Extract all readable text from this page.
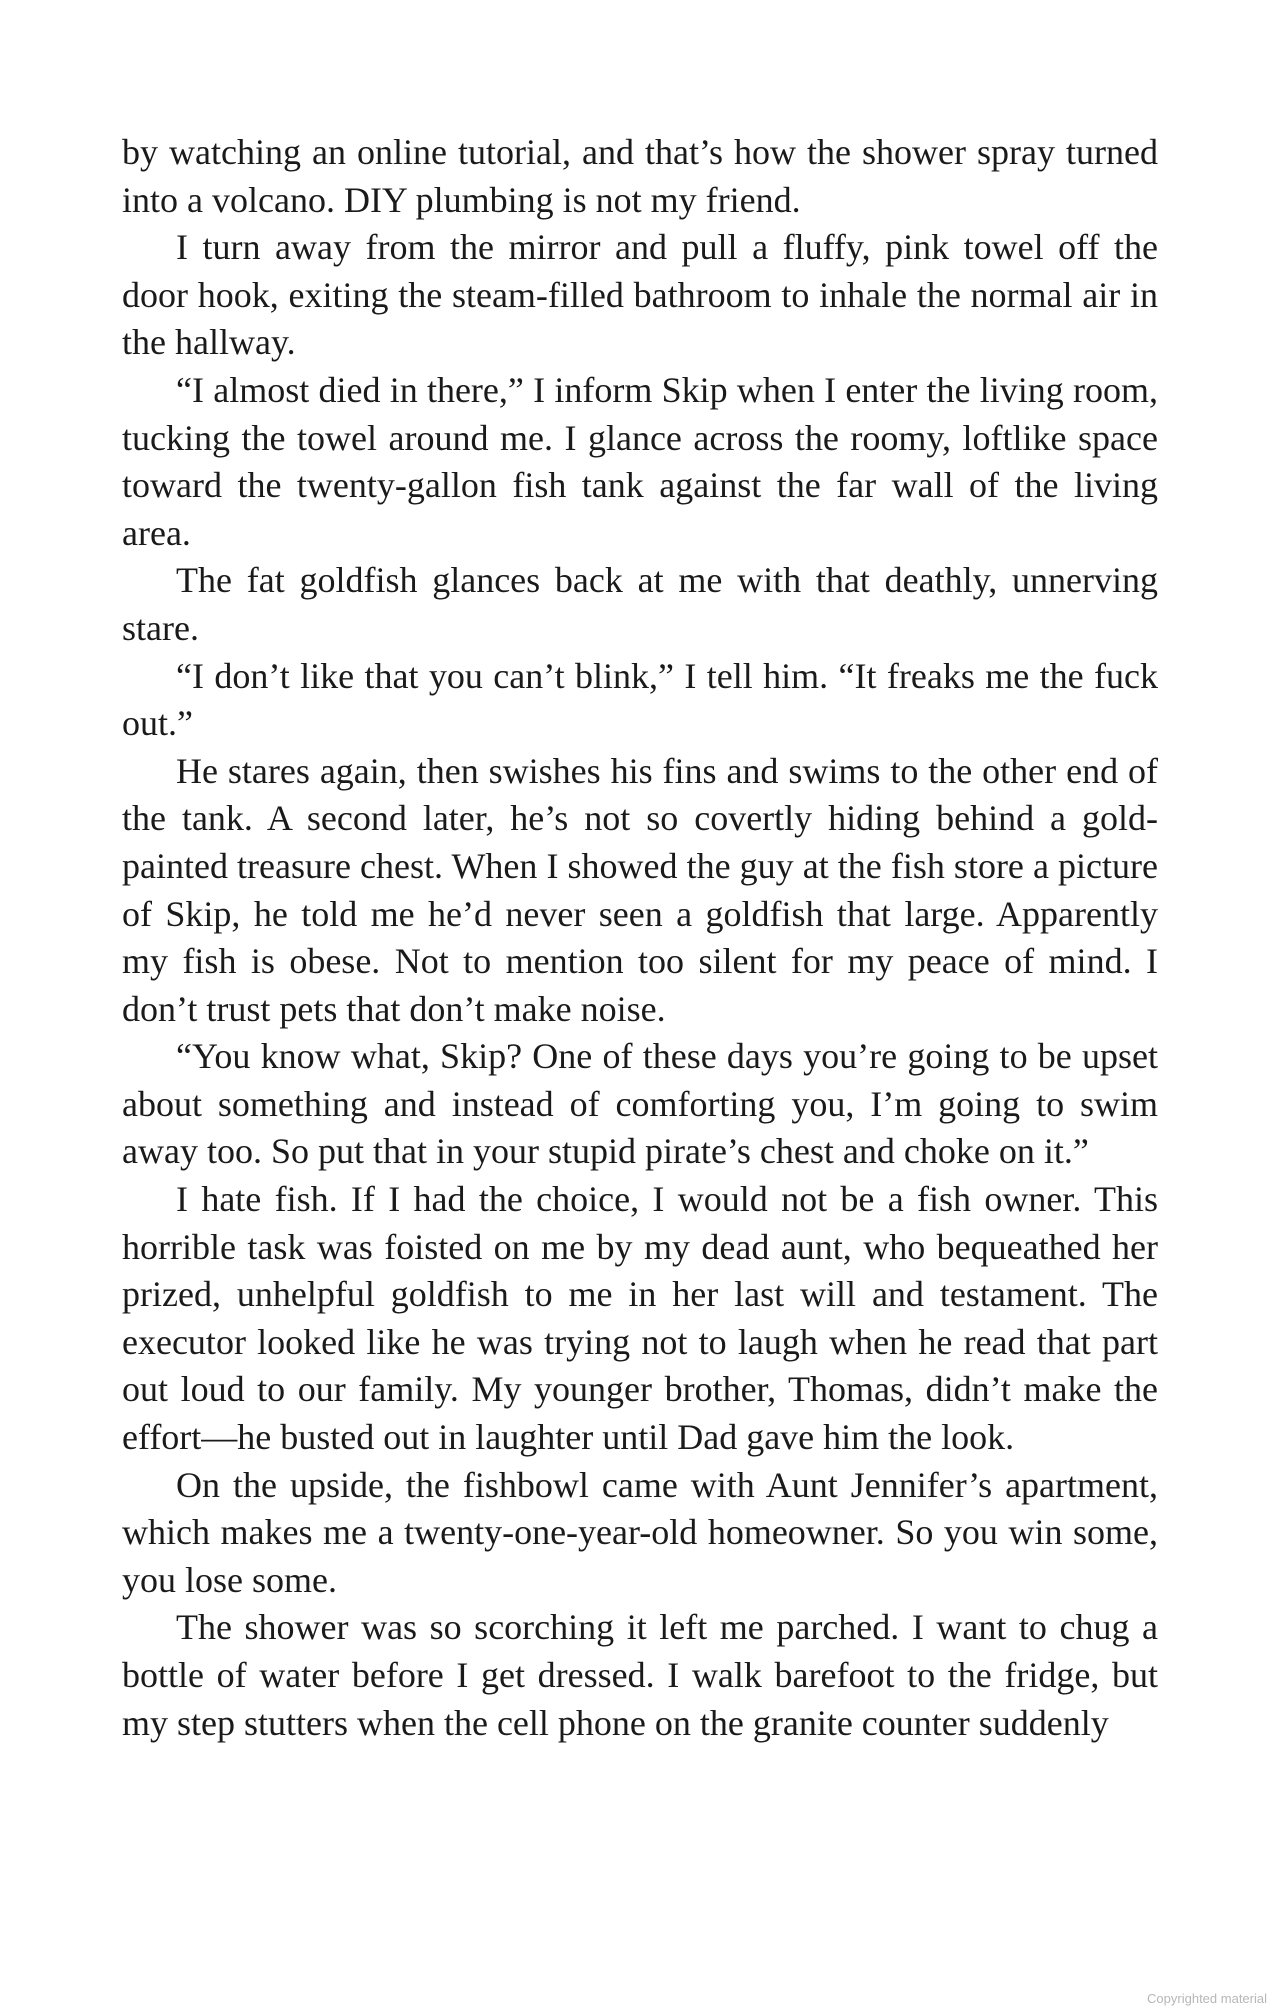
by watching an online tutorial, and that’s how the shower spray turned into a volcano. DIY plumbing is not my friend.

I turn away from the mirror and pull a fluffy, pink towel off the door hook, exiting the steam-filled bathroom to inhale the normal air in the hallway.

“I almost died in there,” I inform Skip when I enter the living room, tucking the towel around me. I glance across the roomy, loftlike space toward the twenty-gallon fish tank against the far wall of the living area.

The fat goldfish glances back at me with that deathly, unnerving stare.

“I don’t like that you can’t blink,” I tell him. “It freaks me the fuck out.”

He stares again, then swishes his fins and swims to the other end of the tank. A second later, he’s not so covertly hiding behind a gold-painted treasure chest. When I showed the guy at the fish store a picture of Skip, he told me he’d never seen a goldfish that large. Apparently my fish is obese. Not to mention too silent for my peace of mind. I don’t trust pets that don’t make noise.

“You know what, Skip? One of these days you’re going to be upset about something and instead of comforting you, I’m going to swim away too. So put that in your stupid pirate’s chest and choke on it.”

I hate fish. If I had the choice, I would not be a fish owner. This horrible task was foisted on me by my dead aunt, who bequeathed her prized, unhelpful goldfish to me in her last will and testament. The executor looked like he was trying not to laugh when he read that part out loud to our family. My younger brother, Thomas, didn’t make the effort—he busted out in laughter until Dad gave him the look.

On the upside, the fishbowl came with Aunt Jennifer’s apartment, which makes me a twenty-one-year-old homeowner. So you win some, you lose some.

The shower was so scorching it left me parched. I want to chug a bottle of water before I get dressed. I walk barefoot to the fridge, but my step stutters when the cell phone on the granite counter suddenly

Copyrighted material
